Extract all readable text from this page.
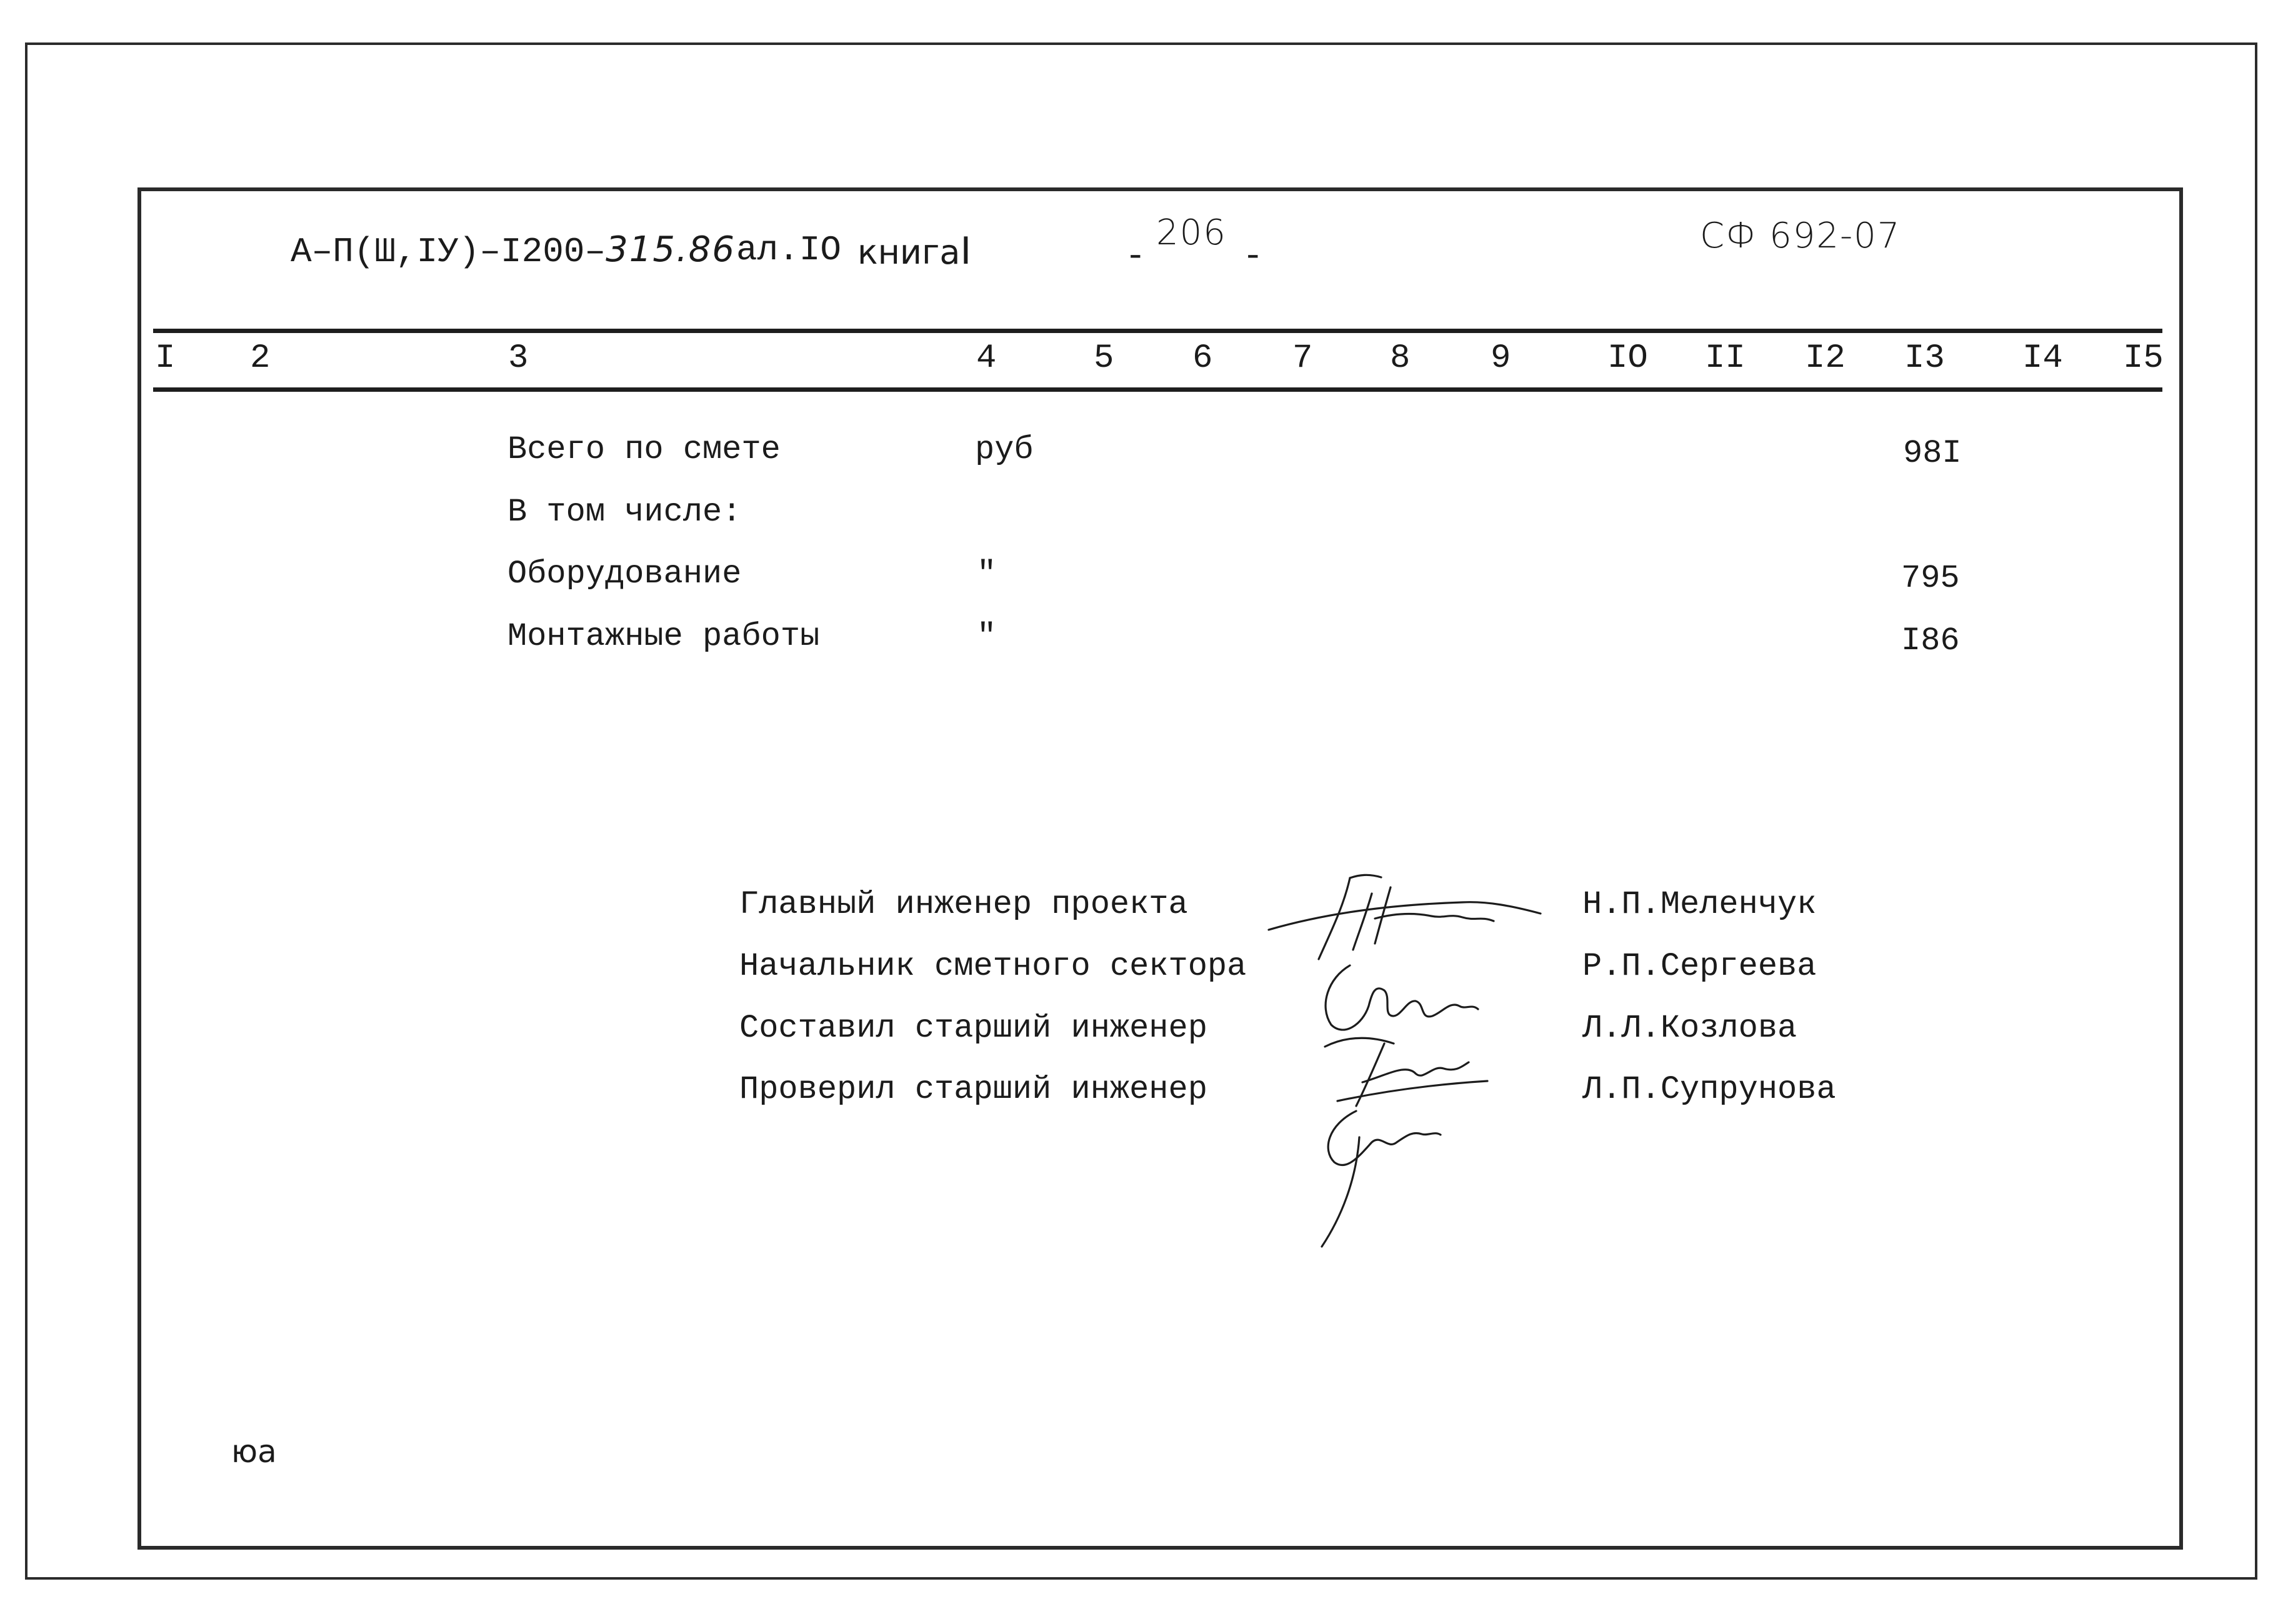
А–П(Ш,IУ)–I200–315.86 ал.IO книгаI	-
206
-	СФ 692-07
I 2	3	4	5 6 7 8 9	IO II I2 I3 I4 I5
Всего по смете	руб	98I
В том числе:
Оборудование	"	795
Монтажные работы	"	I86
Главный инженер проекта	Н.П.Меленчук
Начальник сметного сектора	Р.П.Сергеева
Составил старший инженер	Л.Л.Козлова
Проверил старший инженер	Л.П.Супрунова
юа
